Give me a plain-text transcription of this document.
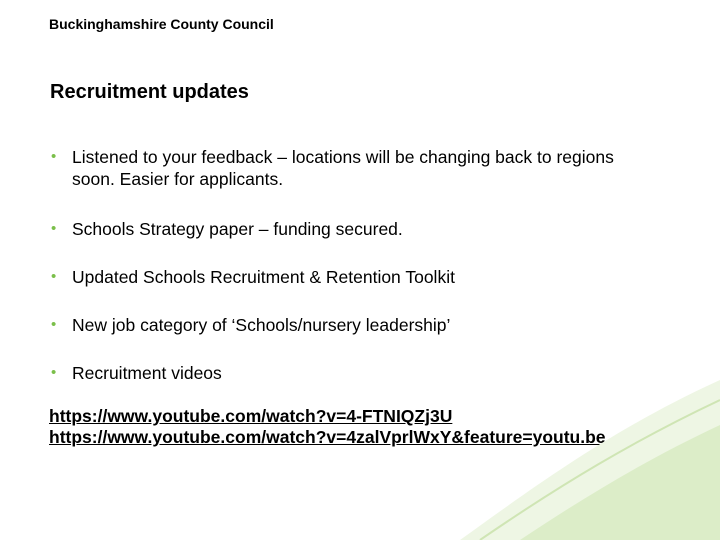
Buckinghamshire County Council
Recruitment updates
• Listened to your feedback – locations will be changing back to regions soon. Easier for applicants.
• Schools Strategy paper – funding secured.
• Updated Schools Recruitment & Retention Toolkit
• New job category of ‘Schools/nursery leadership’
• Recruitment videos
https://www.youtube.com/watch?v=4-FTNIQZj3U
https://www.youtube.com/watch?v=4zalVprlWxY&feature=youtu.be
